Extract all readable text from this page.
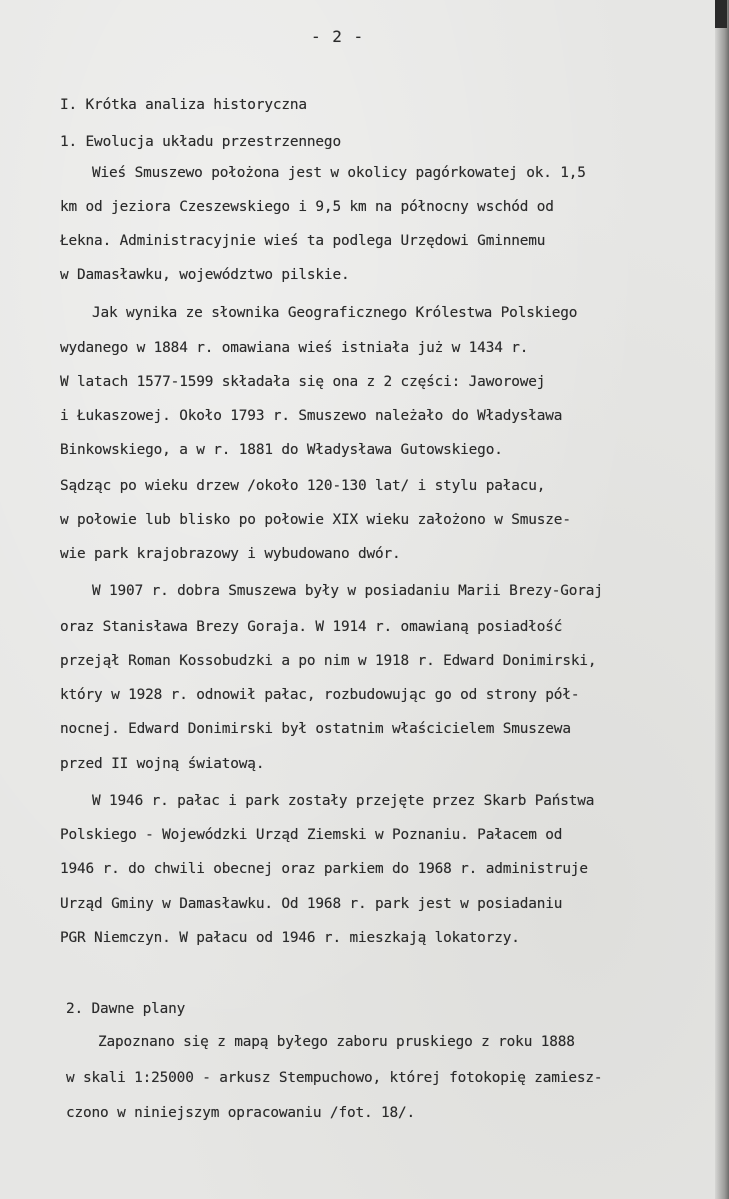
- 2 -
I. Krótka analiza historyczna
1. Ewolucja układu przestrzennego
Wieś Smuszewo położona jest w okolicy pagórkowatej ok. 1,5
km od jeziora Czeszewskiego i 9,5 km na północny wschód od
Łekna. Administracyjnie wieś ta podlega Urzędowi Gminnemu
w Damasławku, województwo pilskie.
Jak wynika ze słownika Geograficznego Królestwa Polskiego
wydanego w 1884 r. omawiana wieś istniała już w 1434 r.
W latach 1577-1599 składała się ona z 2 części: Jaworowej
i Łukaszowej. Około 1793 r. Smuszewo należało do Władysława
Binkowskiego, a w r. 1881 do Władysława Gutowskiego.
Sądząc po wieku drzew /około 120-130 lat/ i stylu pałacu,
w połowie lub blisko po połowie XIX wieku założono w Smusze-
wie park krajobrazowy i wybudowano dwór.
W 1907 r. dobra Smuszewa były w posiadaniu Marii Brezy-Goraj
oraz Stanisława Brezy Goraja. W 1914 r. omawianą posiadłość
przejął Roman Kossobudzki a po nim w 1918 r. Edward Donimirski,
który w 1928 r. odnowił pałac, rozbudowując go od strony pół-
nocnej. Edward Donimirski był ostatnim właścicielem Smuszewa
przed II wojną światową.
W 1946 r. pałac i park zostały przejęte przez Skarb Państwa
Polskiego - Wojewódzki Urząd Ziemski w Poznaniu. Pałacem od
1946 r. do chwili obecnej oraz parkiem do 1968 r. administruje
Urząd Gminy w Damasławku. Od 1968 r. park jest w posiadaniu
PGR Niemczyn. W pałacu od 1946 r. mieszkają lokatorzy.
2. Dawne plany
Zapoznano się z mapą byłego zaboru pruskiego z roku 1888
w skali 1:25000 - arkusz Stempuchowo, której fotokopię zamiesz-
czono w niniejszym opracowaniu /fot. 18/.
